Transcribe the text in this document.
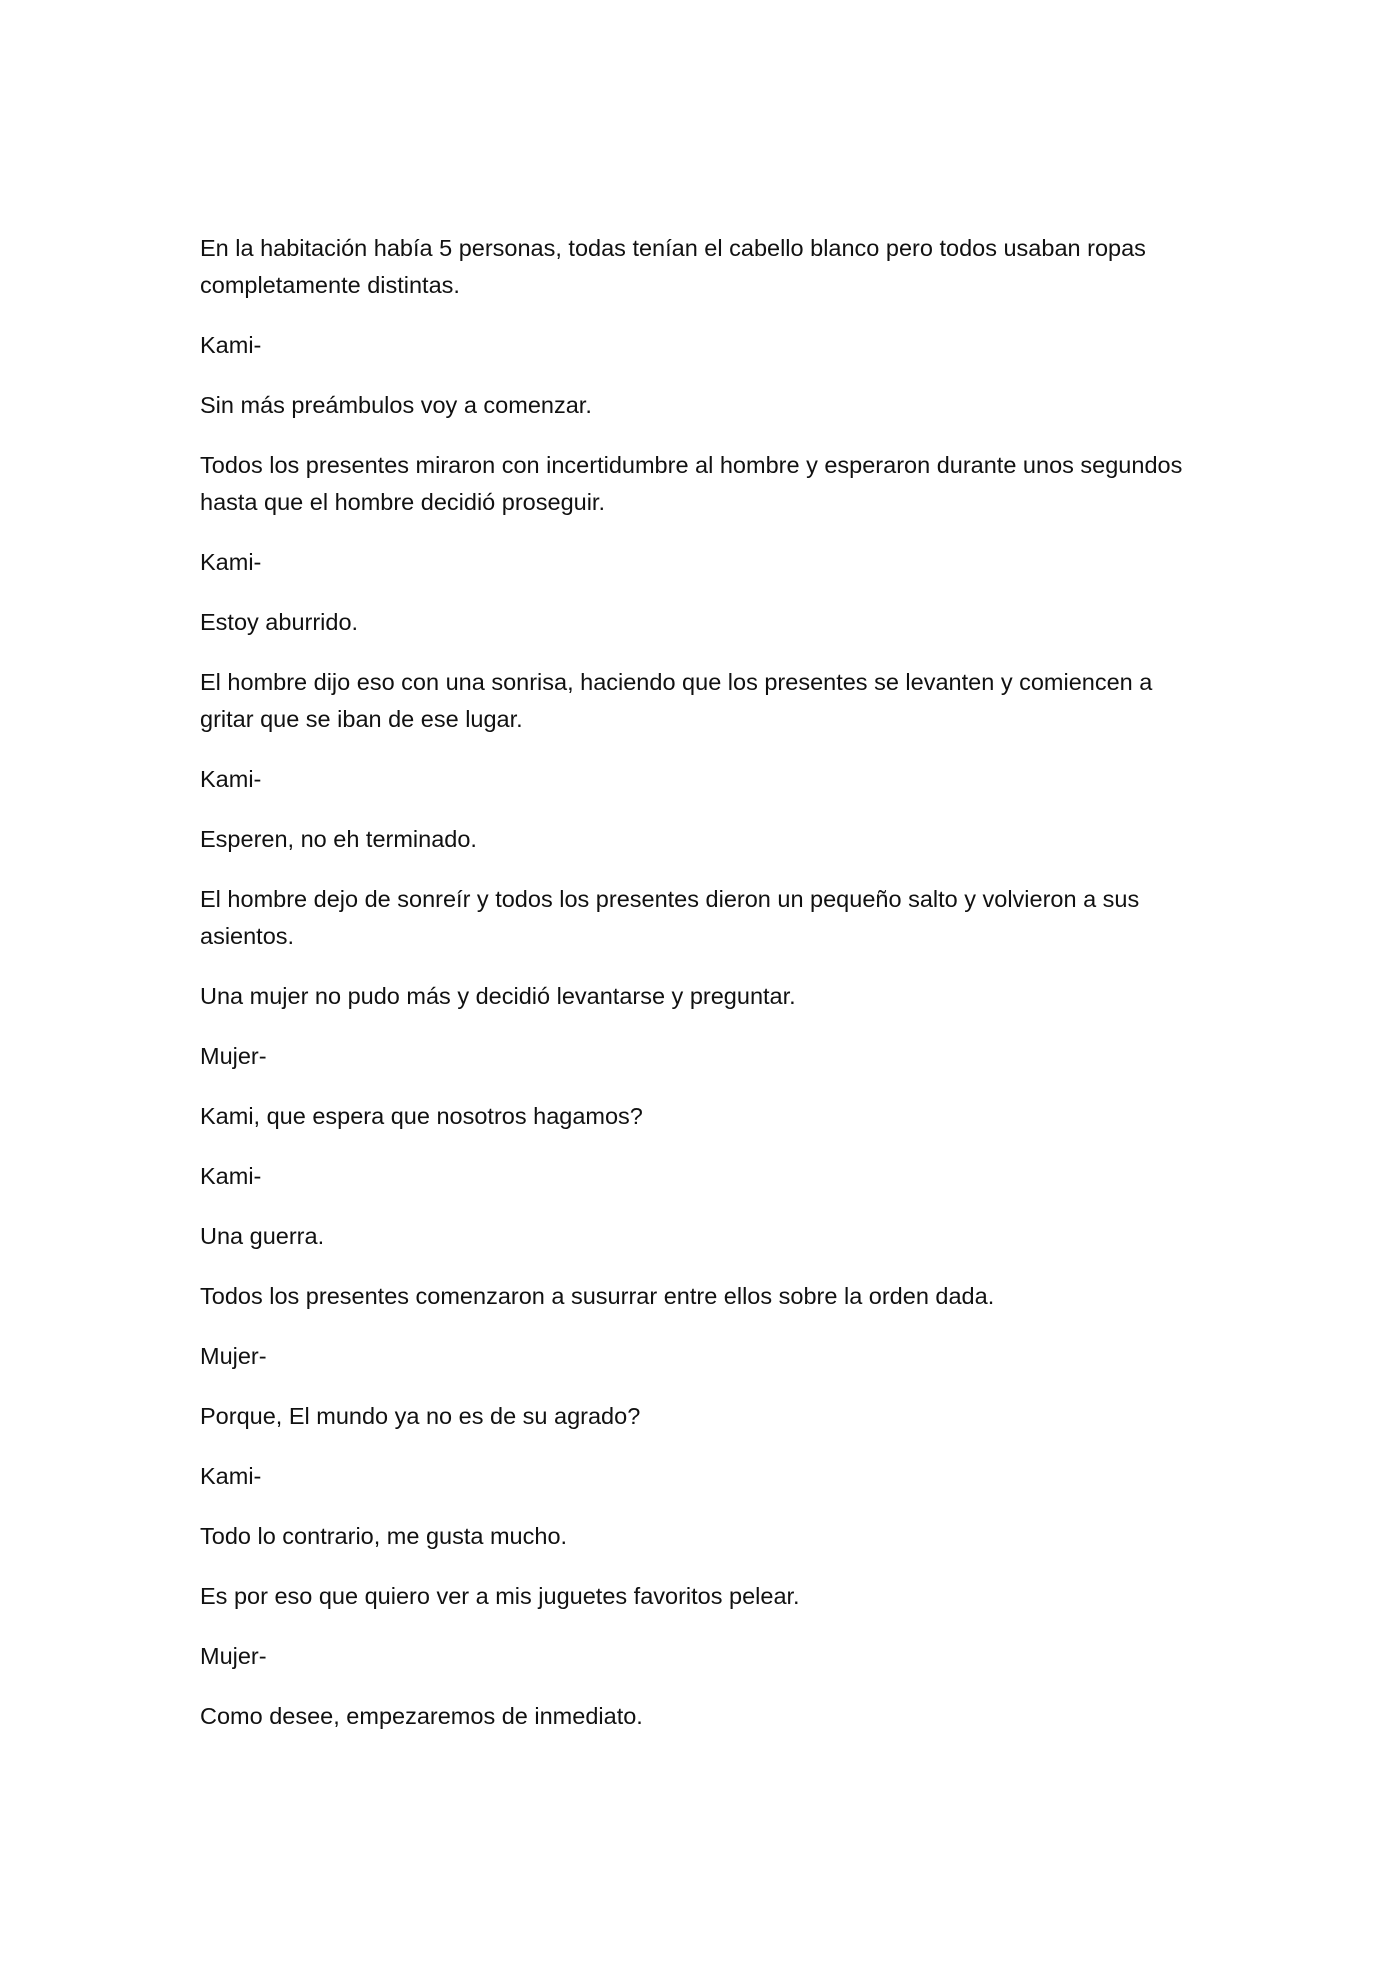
En la habitación había 5 personas, todas tenían el cabello blanco pero todos usaban ropas completamente distintas.

Kami-

Sin más preámbulos voy a comenzar.

Todos los presentes miraron con incertidumbre al hombre y esperaron durante unos segundos hasta que el hombre decidió proseguir.

Kami-

Estoy aburrido.

El hombre dijo eso con una sonrisa, haciendo que los presentes se levanten y comiencen a gritar que se iban de ese lugar.

Kami-

Esperen, no eh terminado.

El hombre dejo de sonreír y todos los presentes dieron un pequeño salto y volvieron a sus asientos.

Una mujer no pudo más y decidió levantarse y preguntar.

Mujer-

Kami, que espera que nosotros hagamos?

Kami-

Una guerra.

Todos los presentes comenzaron a susurrar entre ellos sobre la orden dada.

Mujer-

Porque, El mundo ya no es de su agrado?

Kami-

Todo lo contrario, me gusta mucho.

Es por eso que quiero ver a mis juguetes favoritos pelear.

Mujer-

Como desee, empezaremos de inmediato.
